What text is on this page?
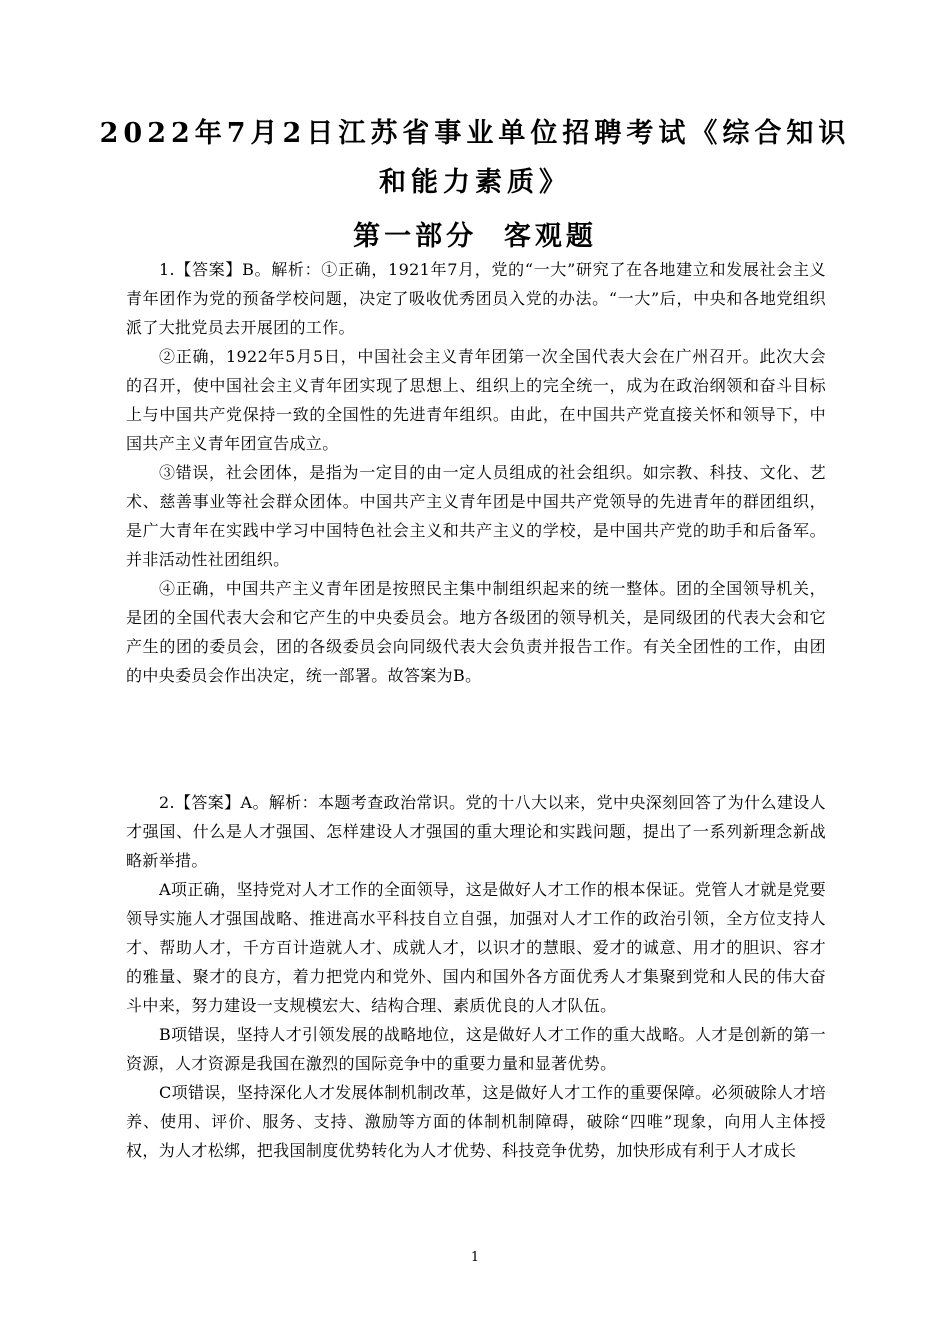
2022年7月2日江苏省事业单位招聘考试《综合知识
和能力素质》
第一部分  客观题

1.【答案】B。解析：①正确，1921年7月，党的“一大”研究了在各地建立和发展社会主义青年团作为党的预备学校问题，决定了吸收优秀团员入党的办法。“一大”后，中央和各地党组织派了大批党员去开展团的工作。

②正确，1922年5月5日，中国社会主义青年团第一次全国代表大会在广州召开。此次大会的召开，使中国社会主义青年团实现了思想上、组织上的完全统一，成为在政治纲领和奋斗目标上与中国共产党保持一致的全国性的先进青年组织。由此，在中国共产党直接关怀和领导下，中国共产主义青年团宣告成立。

③错误，社会团体，是指为一定目的由一定人员组成的社会组织。如宗教、科技、文化、艺术、慈善事业等社会群众团体。中国共产主义青年团是中国共产党领导的先进青年的群团组织，是广大青年在实践中学习中国特色社会主义和共产主义的学校，是中国共产党的助手和后备军。并非活动性社团组织。

④正确，中国共产主义青年团是按照民主集中制组织起来的统一整体。团的全国领导机关，是团的全国代表大会和它产生的中央委员会。地方各级团的领导机关，是同级团的代表大会和它产生的团的委员会，团的各级委员会向同级代表大会负责并报告工作。有关全团性的工作，由团的中央委员会作出决定，统一部署。故答案为B。

2.【答案】A。解析：本题考查政治常识。党的十八大以来，党中央深刻回答了为什么建设人才强国、什么是人才强国、怎样建设人才强国的重大理论和实践问题，提出了一系列新理念新战略新举措。

A项正确，坚持党对人才工作的全面领导，这是做好人才工作的根本保证。党管人才就是党要领导实施人才强国战略、推进高水平科技自立自强，加强对人才工作的政治引领，全方位支持人才、帮助人才，千方百计造就人才、成就人才，以识才的慧眼、爱才的诚意、用才的胆识、容才的雅量、聚才的良方，着力把党内和党外、国内和国外各方面优秀人才集聚到党和人民的伟大奋斗中来，努力建设一支规模宏大、结构合理、素质优良的人才队伍。

B项错误，坚持人才引领发展的战略地位，这是做好人才工作的重大战略。人才是创新的第一资源，人才资源是我国在激烈的国际竞争中的重要力量和显著优势。

C项错误，坚持深化人才发展体制机制改革，这是做好人才工作的重要保障。必须破除人才培养、使用、评价、服务、支持、激励等方面的体制机制障碍，破除“四唯”现象，向用人主体授权，为人才松绑，把我国制度优势转化为人才优势、科技竞争优势，加快形成有利于人才成长

1
